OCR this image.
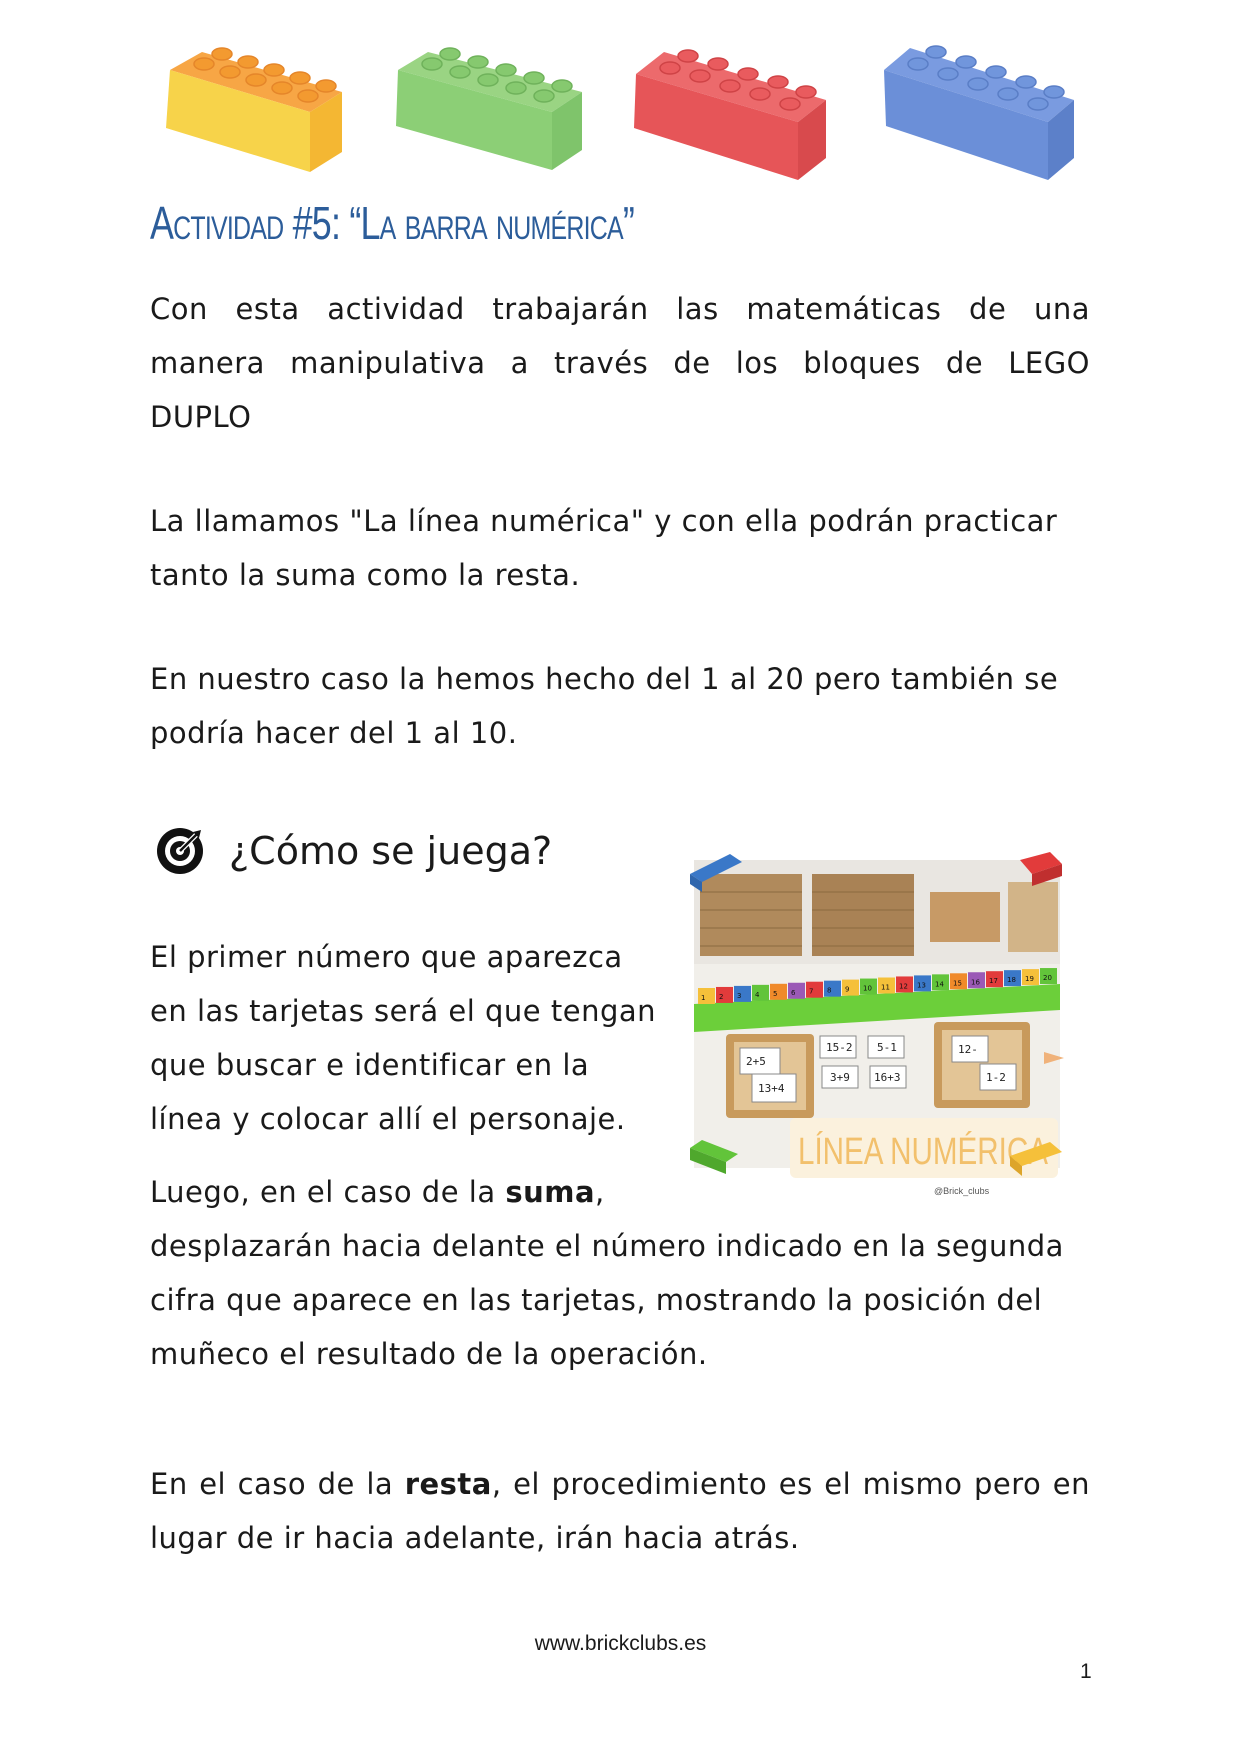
Actividad #5: “La barra numérica”
Con esta actividad trabajarán las matemáticas de una
manera manipulativa a través de los bloques de LEGO
DUPLO
La llamamos "La línea numérica" y con ella podrán practicar
tanto la suma como la resta.
En nuestro caso la hemos hecho del 1 al 20 pero también se
podría hacer del 1 al 10.
¿Cómo se juega?
El primer número que aparezca
en las tarjetas será el que tengan
que buscar e identificar en la
línea y colocar allí el personaje.
1 2 3 4 5 6 7 8 9 10 11 12 13 14 15 16 17 18 19 20
2+5
13+4
15-2 5-1
3+9 16+3
12-
1-2
LÍNEA NUMÉRICA
@Brick_clubs
Luego, en el caso de la suma,
desplazarán hacia delante el número indicado en la segunda
cifra que aparece en las tarjetas, mostrando la posición del
muñeco el resultado de la operación.
En el caso de la resta, el procedimiento es el mismo pero en
lugar de ir hacia adelante, irán hacia atrás.
www.brickclubs.es
1
